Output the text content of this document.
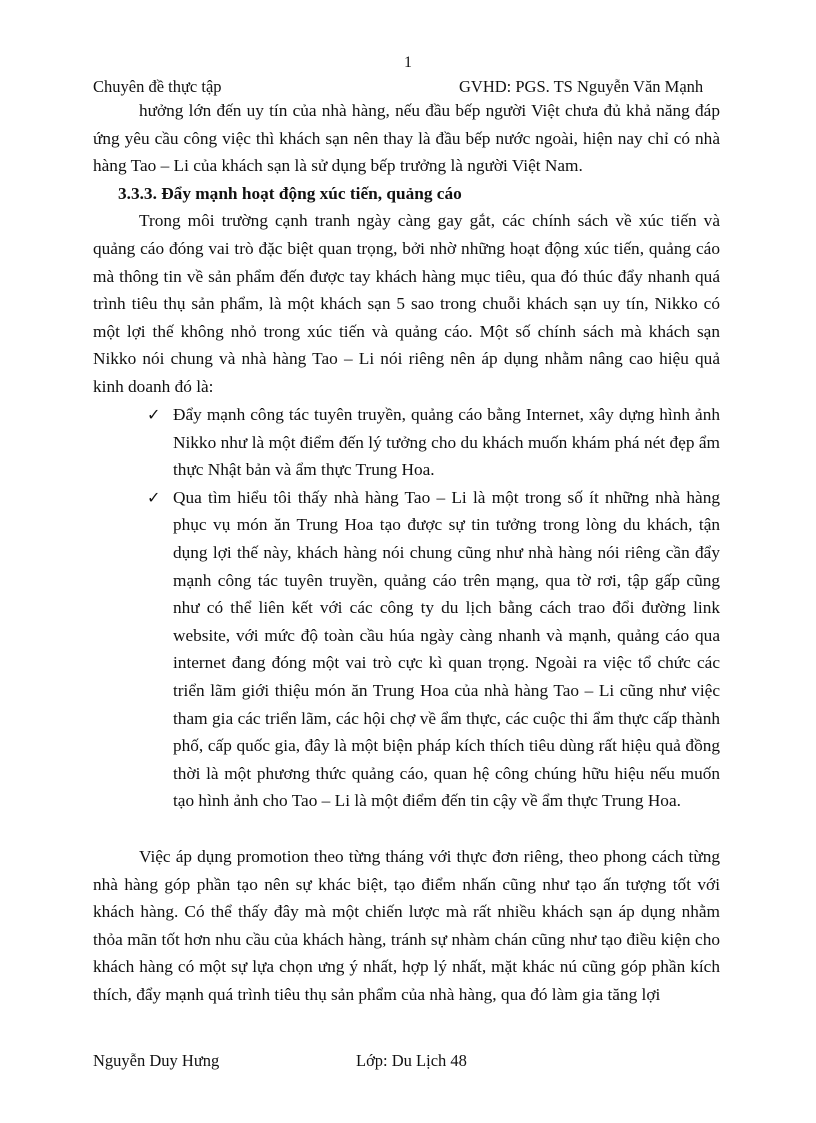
1
Chuyên đề thực tập	GVHD: PGS. TS Nguyễn Văn Mạnh

hưởng lớn đến uy tín của nhà hàng, nếu đầu bếp người Việt chưa đủ khả năng đáp ứng yêu cầu công việc thì khách sạn nên thay là đầu bếp nước ngoài, hiện nay chỉ có nhà hàng Tao – Li của khách sạn là sử dụng bếp trưởng là người Việt Nam.

3.3.3. Đẩy mạnh hoạt động xúc tiến, quảng cáo

Trong môi trường cạnh tranh ngày càng gay gắt, các chính sách về xúc tiến và quảng cáo đóng vai trò đặc biệt quan trọng, bởi nhờ những hoạt động xúc tiến, quảng cáo mà thông tin về sản phẩm đến được tay khách hàng mục tiêu, qua đó thúc đẩy nhanh quá trình tiêu thụ sản phẩm, là một khách sạn 5 sao trong chuỗi khách sạn uy tín, Nikko có một lợi thế không nhỏ trong xúc tiến và quảng cáo. Một số chính sách mà khách sạn Nikko nói chung và nhà hàng Tao – Li nói riêng nên áp dụng nhằm nâng cao hiệu quả kinh doanh đó là:

✓ Đẩy mạnh công tác tuyên truyền, quảng cáo bằng Internet, xây dựng hình ảnh Nikko như là một điểm đến lý tưởng cho du khách muốn khám phá nét đẹp ẩm thực Nhật bản và ẩm thực Trung Hoa.
✓ Qua tìm hiểu tôi thấy nhà hàng Tao – Li là một trong số ít những nhà hàng phục vụ món ăn Trung Hoa tạo được sự tin tưởng trong lòng du khách, tận dụng lợi thế này, khách hàng nói chung cũng như nhà hàng nói riêng cần đẩy mạnh công tác tuyên truyền, quảng cáo trên mạng, qua tờ rơi, tập gấp cũng như có thể liên kết với các công ty du lịch bằng cách trao đổi đường link website, với mức độ toàn cầu húa ngày càng nhanh và mạnh, quảng cáo qua internet đang đóng một vai trò cực kì quan trọng. Ngoài ra việc tổ chức các triển lãm giới thiệu món ăn Trung Hoa của nhà hàng Tao – Li cũng như việc tham gia các triển lãm, các hội chợ về ẩm thực, các cuộc thi ẩm thực cấp thành phố, cấp quốc gia, đây là một biện pháp kích thích tiêu dùng rất hiệu quả đồng thời là một phương thức quảng cáo, quan hệ công chúng hữu hiệu nếu muốn tạo hình ảnh cho Tao – Li là một điểm đến tin cậy về ẩm thực Trung Hoa.

Việc áp dụng promotion theo từng tháng với thực đơn riêng, theo phong cách từng nhà hàng góp phần tạo nên sự khác biệt, tạo điểm nhấn cũng như tạo ấn tượng tốt với khách hàng. Có thể thấy đây mà một chiến lược mà rất nhiều khách sạn áp dụng nhằm thỏa mãn tốt hơn nhu cầu của khách hàng, tránh sự nhàm chán cũng như tạo điều kiện cho khách hàng có một sự lựa chọn ưng ý nhất, hợp lý nhất, mặt khác nú cũng góp phần kích thích, đẩy mạnh quá trình tiêu thụ sản phẩm của nhà hàng, qua đó làm gia tăng lợi

Nguyễn Duy Hưng	Lớp: Du Lịch 48
